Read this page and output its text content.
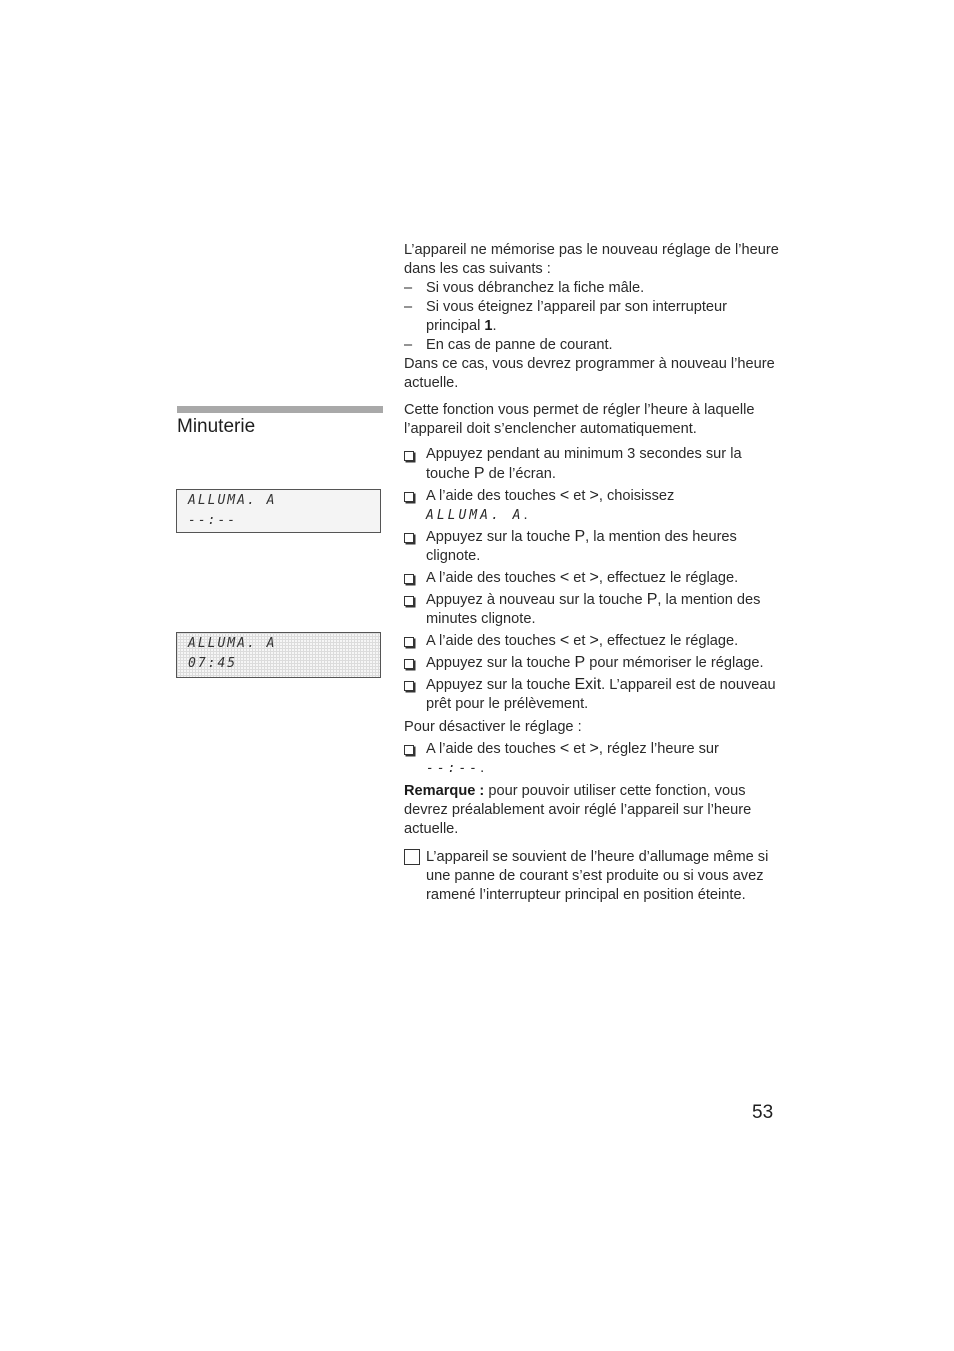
L’appareil ne mémorise pas le nouveau réglage de l’heure dans les cas suivants :

– Si vous débranchez la fiche mâle.
– Si vous éteignez l’appareil par son interrupteur principal 1.
– En cas de panne de courant.

Dans ce cas, vous devrez programmer à nouveau l’heure actuelle.

Minuterie
ALLUMA. A
--:--
ALLUMA. A
07:45

Cette fonction vous permet de régler l’heure à laquelle l’appareil doit s’enclencher automatiquement.

Appuyez pendant au minimum 3 secondes sur la touche P de l’écran.
A l’aide des touches < et >, choisissez
ALLUMA. A.
Appuyez sur la touche P, la mention des heures clignote.
A l’aide des touches < et >, effectuez le réglage.
Appuyez à nouveau sur la touche P, la mention des minutes clignote.
A l’aide des touches < et >, effectuez le réglage.
Appuyez sur la touche P pour mémoriser le réglage.
Appuyez sur la touche Exit. L’appareil est de nouveau prêt pour le prélèvement.

Pour désactiver le réglage :

A l’aide des touches < et >, réglez l’heure sur
--:--.

Remarque : pour pouvoir utiliser cette fonction, vous devrez préalablement avoir réglé l’appareil sur l’heure actuelle.

L’appareil se souvient de l’heure d’allumage même si une panne de courant s’est produite ou si vous avez ramené l’interrupteur principal en position éteinte.
53
